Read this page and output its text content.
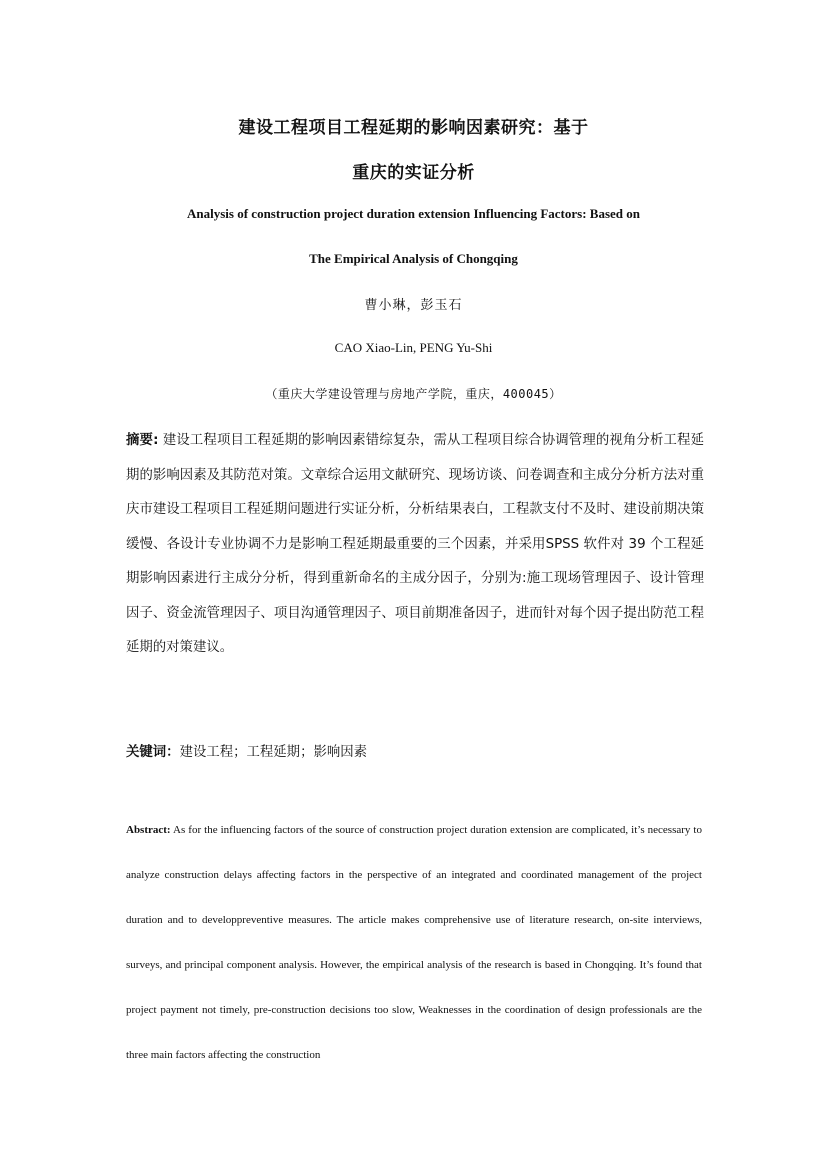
建设工程项目工程延期的影响因素研究：基于
重庆的实证分析
Analysis of construction project duration extension Influencing Factors: Based on
The Empirical Analysis of Chongqing
曹小琳，彭玉石
CAO Xiao-Lin, PENG Yu-Shi
（重庆大学建设管理与房地产学院，重庆，400045）
摘要: 建设工程项目工程延期的影响因素错综复杂，需从工程项目综合协调管理的视角分析工程延期的影响因素及其防范对策。文章综合运用文献研究、现场访谈、问卷调查和主成分分析方法对重庆市建设工程项目工程延期问题进行实证分析，分析结果表白，工程款支付不及时、建设前期决策缓慢、各设计专业协调不力是影响工程延期最重要的三个因素，并采用SPSS 软件对 39 个工程延期影响因素进行主成分分析，得到重新命名的主成分因子，分别为:施工现场管理因子、设计管理因子、资金流管理因子、项目沟通管理因子、项目前期准备因子，进而针对每个因子提出防范工程延期的对策建议。
关键词：建设工程；工程延期；影响因素
Abstract: As for the influencing factors of the source of construction project duration extension are complicated, it’s necessary to analyze construction delays affecting factors in the perspective of an integrated and coordinated management of the project duration and to developpreventive measures. The article makes comprehensive use of literature research, on-site interviews, surveys, and principal component analysis. However, the empirical analysis of the research is based in Chongqing. It’s found that project payment not timely, pre-construction decisions too slow, Weaknesses in the coordination of design professionals are the three main factors affecting the construction
